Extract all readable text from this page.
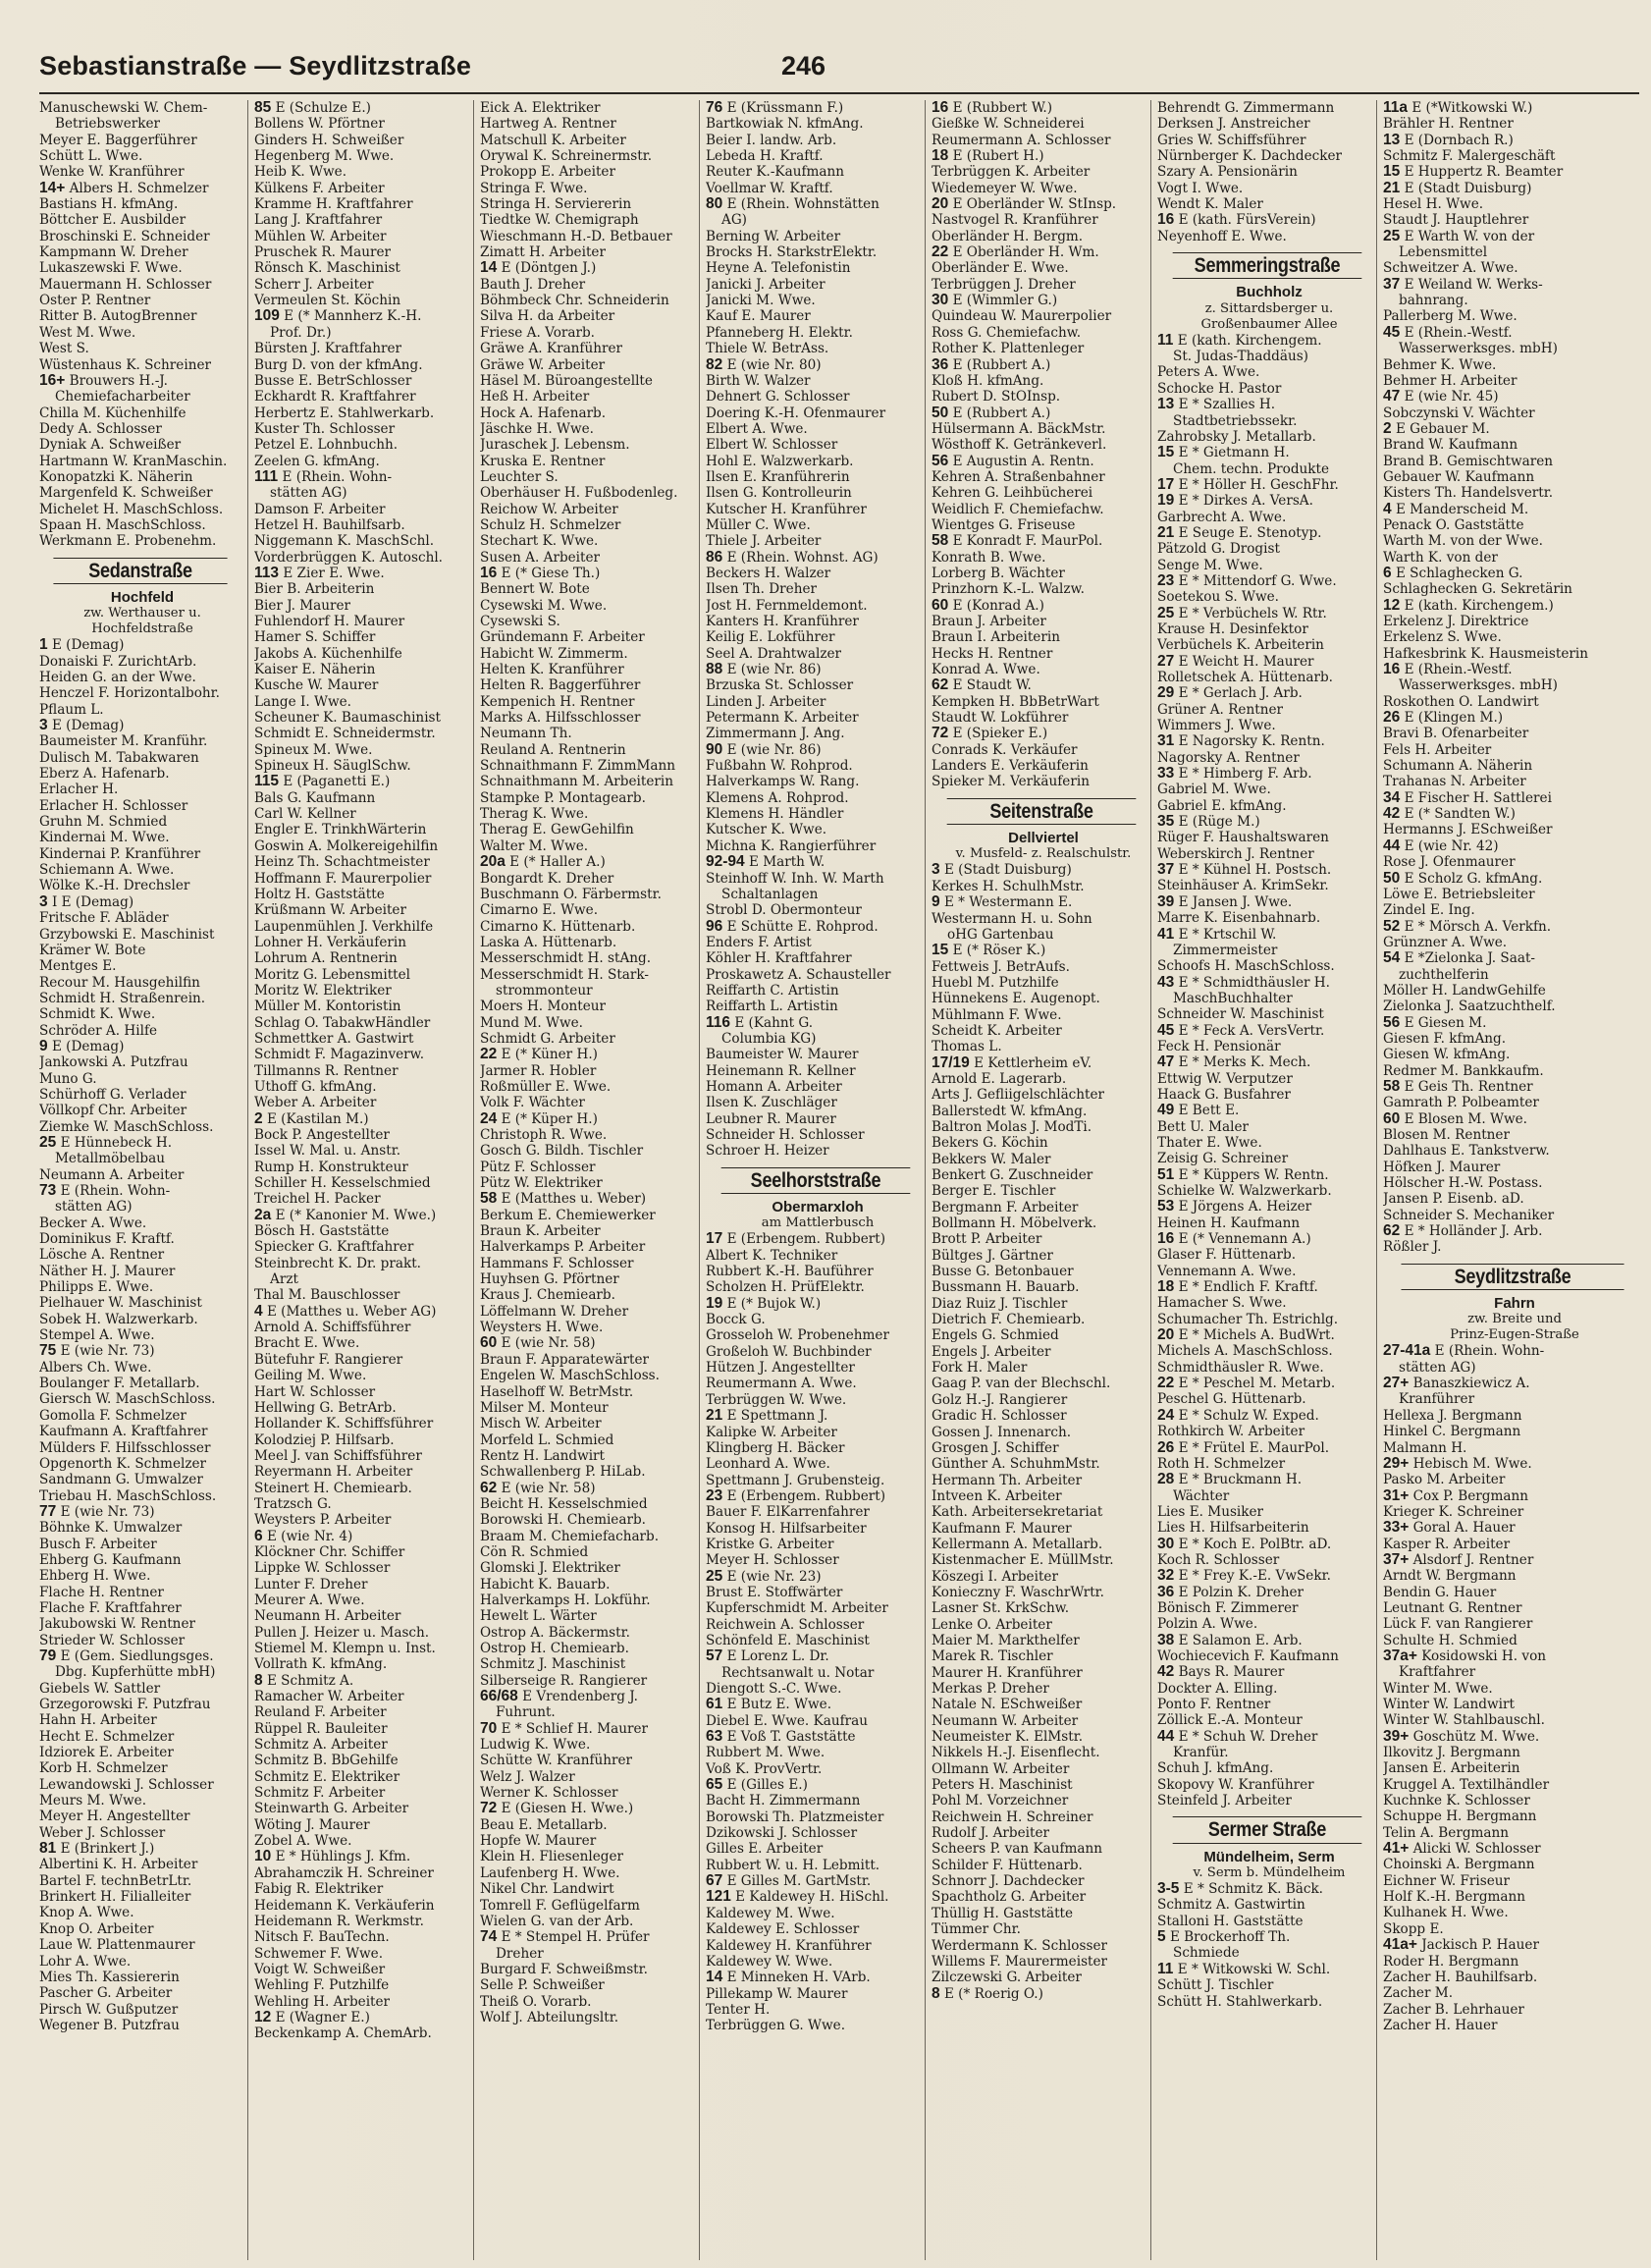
Sebastianstraße — Seydlitzstraße	246
Manuschewski W. Chem-
Betriebswerker
Meyer E. Baggerführer
Schütt L. Wwe.
Wenke W. Kranführer
14+ Albers H. Schmelzer
Bastians H. kfmAng.
Böttcher E. Ausbilder
Broschinski E. Schneider
Kampmann W. Dreher
Lukaszewski F. Wwe.
Mauermann H. Schlosser
Oster P. Rentner
Ritter B. AutogBrenner
West M. Wwe.
West S.
Wüstenhaus K. Schreiner
16+ Brouwers H.-J.
Chemiefacharbeiter
Chilla M. Küchenhilfe
Dedy A. Schlosser
Dyniak A. Schweißer
Hartmann W. KranMaschin.
Konopatzki K. Näherin
Margenfeld K. Schweißer
Michelet H. MaschSchloss.
Spaan H. MaschSchloss.
Werkmann E. Probenehm.
Sedanstraße
Hochfeld
zw. Werthauser u.
Hochfeldstraße
1 E (Demag)
Donaiski F. ZurichtArb.
Heiden G. an der Wwe.
Henczel F. Horizontalbohr.
Pflaum L.
3 E (Demag)
Baumeister M. Kranführ.
Dulisch M. Tabakwaren
Eberz A. Hafenarb.
Erlacher H.
Erlacher H. Schlosser
Gruhn M. Schmied
Kindernai M. Wwe.
Kindernai P. Kranführer
Schiemann A. Wwe.
Wölke K.-H. Drechsler
3 I E (Demag)
Fritsche F. Abläder
Grzybowski E. Maschinist
Krämer W. Bote
Mentges E.
Recour M. Hausgehilfin
Schmidt H. Straßenrein.
Schmidt K. Wwe.
Schröder A. Hilfe
9 E (Demag)
Jankowski A. Putzfrau
Muno G.
Schürhoff G. Verlader
Völlkopf Chr. Arbeiter
Ziemke W. MaschSchloss.
25 E Hünnebeck H.
Metallmöbelbau
Neumann A. Arbeiter
73 E (Rhein. Wohn-
stätten AG)
Becker A. Wwe.
Dominikus F. Kraftf.
Lösche A. Rentner
Näther H. J. Maurer
Philipps E. Wwe.
Pielhauer W. Maschinist
Sobek H. Walzwerkarb.
Stempel A. Wwe.
75 E (wie Nr. 73)
Albers Ch. Wwe.
Boulanger F. Metallarb.
Giersch W. MaschSchloss.
Gomolla F. Schmelzer
Kaufmann A. Kraftfahrer
Mülders F. Hilfsschlosser
Opgenorth K. Schmelzer
Sandmann G. Umwalzer
Triebau H. MaschSchloss.
77 E (wie Nr. 73)
Böhnke K. Umwalzer
Busch F. Arbeiter
Ehberg G. Kaufmann
Ehberg H. Wwe.
Flache H. Rentner
Flache F. Kraftfahrer
Jakubowski W. Rentner
Strieder W. Schlosser
79 E (Gem. Siedlungsges.
Dbg. Kupferhütte mbH)
Giebels W. Sattler
Grzegorowski F. Putzfrau
Hahn H. Arbeiter
Hecht E. Schmelzer
Idziorek E. Arbeiter
Korb H. Schmelzer
Lewandowski J. Schlosser
Meurs M. Wwe.
Meyer H. Angestellter
Weber J. Schlosser
81 E (Brinkert J.)
Albertini K. H. Arbeiter
Bartel F. technBetrLtr.
Brinkert H. Filialleiter
Knop A. Wwe.
Knop O. Arbeiter
Laue W. Plattenmaurer
Lohr A. Wwe.
Mies Th. Kassiererin
Pascher G. Arbeiter
Pirsch W. Gußputzer
Wegener B. Putzfrau
85 E (Schulze E.)
Bollens W. Pförtner
Ginders H. Schweißer
Hegenberg M. Wwe.
Heib K. Wwe.
Külkens F. Arbeiter
Kramme H. Kraftfahrer
Lang J. Kraftfahrer
Mühlen W. Arbeiter
Pruschek R. Maurer
Rönsch K. Maschinist
Scherr J. Arbeiter
Vermeulen St. Köchin
109 E (* Mannherz K.-H.
Prof. Dr.)
Bürsten J. Kraftfahrer
Burg D. von der kfmAng.
Busse E. BetrSchlosser
Eckhardt R. Kraftfahrer
Herbertz E. Stahlwerkarb.
Kuster Th. Schlosser
Petzel E. Lohnbuchh.
Zeelen G. kfmAng.
111 E (Rhein. Wohn-
stätten AG)
Damson F. Arbeiter
Hetzel H. Bauhilfsarb.
Niggemann K. MaschSchl.
Vorderbrüggen K. Autoschl.
113 E Zier E. Wwe.
Bier B. Arbeiterin
Bier J. Maurer
Fuhlendorf H. Maurer
Hamer S. Schiffer
Jakobs A. Küchenhilfe
Kaiser E. Näherin
Kusche W. Maurer
Lange I. Wwe.
Scheuner K. Baumaschinist
Schmidt E. Schneidermstr.
Spineux M. Wwe.
Spineux H. SäuglSchw.
115 E (Paganetti E.)
Bals G. Kaufmann
Carl W. Kellner
Engler E. TrinkhWärterin
Goswin A. Molkereigehilfin
Heinz Th. Schachtmeister
Hoffmann F. Maurerpolier
Holtz H. Gaststätte
Krüßmann W. Arbeiter
Laupenmühlen J. Verkhilfe
Lohner H. Verkäuferin
Lohrum A. Rentnerin
Moritz G. Lebensmittel
Moritz W. Elektriker
Müller M. Kontoristin
Schlag O. TabakwHändler
Schmettker A. Gastwirt
Schmidt F. Magazinverw.
Tillmanns R. Rentner
Uthoff G. kfmAng.
Weber A. Arbeiter
2 E (Kastilan M.)
Bock P. Angestellter
Issel W. Mal. u. Anstr.
Rump H. Konstrukteur
Schiller H. Kesselschmied
Treichel H. Packer
2a E (* Kanonier M. Wwe.)
Bösch H. Gaststätte
Spiecker G. Kraftfahrer
Steinbrecht K. Dr. prakt.
Arzt
Thal M. Bauschlosser
4 E (Matthes u. Weber AG)
Arnold A. Schiffsführer
Bracht E. Wwe.
Bütefuhr F. Rangierer
Geiling M. Wwe.
Hart W. Schlosser
Hellwing G. BetrArb.
Hollander K. Schiffsführer
Kolodziej P. Hilfsarb.
Meel J. van Schiffsführer
Reyermann H. Arbeiter
Steinert H. Chemiearb.
Tratzsch G.
Weysters P. Arbeiter
6 E (wie Nr. 4)
Klöckner Chr. Schiffer
Lippke W. Schlosser
Lunter F. Dreher
Meurer A. Wwe.
Neumann H. Arbeiter
Pullen J. Heizer u. Masch.
Stiemel M. Klempn u. Inst.
Vollrath K. kfmAng.
8 E Schmitz A.
Ramacher W. Arbeiter
Reuland F. Arbeiter
Rüppel R. Bauleiter
Schmitz A. Arbeiter
Schmitz B. BbGehilfe
Schmitz E. Elektriker
Schmitz F. Arbeiter
Steinwarth G. Arbeiter
Wöting J. Maurer
Zobel A. Wwe.
10 E * Hühlings J. Kfm.
Abrahamczik H. Schreiner
Fabig R. Elektriker
Heidemann K. Verkäuferin
Heidemann R. Werkmstr.
Nitsch F. BauTechn.
Schwemer F. Wwe.
Voigt W. Schweißer
Wehling F. Putzhilfe
Wehling H. Arbeiter
12 E (Wagner E.)
Beckenkamp A. ChemArb.
Eick A. Elektriker
Hartweg A. Rentner
Matschull K. Arbeiter
Orywal K. Schreinermstr.
Prokopp E. Arbeiter
Stringa F. Wwe.
Stringa H. Serviererin
Tiedtke W. Chemigraph
Wieschmann H.-D. Betbauer
Zimatt H. Arbeiter
14 E (Döntgen J.)
Bauth J. Dreher
Böhmbeck Chr. Schneiderin
Silva H. da Arbeiter
Friese A. Vorarb.
Gräwe A. Kranführer
Gräwe W. Arbeiter
Häsel M. Büroangestellte
Heß H. Arbeiter
Hock A. Hafenarb.
Jäschke H. Wwe.
Juraschek J. Lebensm.
Kruska E. Rentner
Leuchter S.
Oberhäuser H. Fußbodenleg.
Reichow W. Arbeiter
Schulz H. Schmelzer
Stechart K. Wwe.
Susen A. Arbeiter
16 E (* Giese Th.)
Bennert W. Bote
Cysewski M. Wwe.
Cysewski S.
Gründemann F. Arbeiter
Habicht W. Zimmerm.
Helten K. Kranführer
Helten R. Baggerführer
Kempenich H. Rentner
Marks A. Hilfsschlosser
Neumann Th.
Reuland A. Rentnerin
Schnaithmann F. ZimmMann
Schnaithmann M. Arbeiterin
Stampke P. Montagearb.
Therag K. Wwe.
Therag E. GewGehilfin
Walter M. Wwe.
20a E (* Haller A.)
Bongardt K. Dreher
Buschmann O. Färbermstr.
Cimarno E. Wwe.
Cimarno K. Hüttenarb.
Laska A. Hüttenarb.
Messerschmidt H. stAng.
Messerschmidt H. Stark-
strommonteur
Moers H. Monteur
Mund M. Wwe.
Schmidt G. Arbeiter
22 E (* Küner H.)
Jarmer R. Hobler
Roßmüller E. Wwe.
Volk F. Wächter
24 E (* Küper H.)
Christoph R. Wwe.
Gosch G. Bildh. Tischler
Pütz F. Schlosser
Pütz W. Elektriker
58 E (Matthes u. Weber)
Berkum E. Chemiewerker
Braun K. Arbeiter
Halverkamps P. Arbeiter
Hammans F. Schlosser
Huyhsen G. Pförtner
Kraus J. Chemiearb.
Löffelmann W. Dreher
Weysters H. Wwe.
60 E (wie Nr. 58)
Braun F. Apparatewärter
Engelen W. MaschSchloss.
Haselhoff W. BetrMstr.
Milser M. Monteur
Misch W. Arbeiter
Morfeld L. Schmied
Rentz H. Landwirt
Schwallenberg P. HiLab.
62 E (wie Nr. 58)
Beicht H. Kesselschmied
Borowski H. Chemiearb.
Braam M. Chemiefacharb.
Cön R. Schmied
Glomski J. Elektriker
Habicht K. Bauarb.
Halverkamps H. Lokführ.
Hewelt L. Wärter
Ostrop A. Bäckermstr.
Ostrop H. Chemiearb.
Schmitz J. Maschinist
Silberseige R. Rangierer
66/68 E Vrendenberg J.
Fuhrunt.
70 E * Schlief H. Maurer
Ludwig K. Wwe.
Schütte W. Kranführer
Welz J. Walzer
Werner K. Schlosser
72 E (Giesen H. Wwe.)
Beau E. Metallarb.
Hopfe W. Maurer
Klein H. Fliesenleger
Laufenberg H. Wwe.
Nikel Chr. Landwirt
Tomrell F. Geflügelfarm
Wielen G. van der Arb.
74 E * Stempel H. Prüfer
Dreher
Burgard F. Schweißmstr.
Selle P. Schweißer
Theiß O. Vorarb.
Wolf J. Abteilungsltr.
76 E (Krüssmann F.)
Bartkowiak N. kfmAng.
Beier I. landw. Arb.
Lebeda H. Kraftf.
Reuter K.-Kaufmann
Voellmar W. Kraftf.
80 E (Rhein. Wohnstätten
AG)
Berning W. Arbeiter
Brocks H. StarkstrElektr.
Heyne A. Telefonistin
Janicki J. Arbeiter
Janicki M. Wwe.
Kauf E. Maurer
Pfanneberg H. Elektr.
Thiele W. BetrAss.
82 E (wie Nr. 80)
Birth W. Walzer
Dehnert G. Schlosser
Doering K.-H. Ofenmaurer
Elbert A. Wwe.
Elbert W. Schlosser
Hohl E. Walzwerkarb.
Ilsen E. Kranführerin
Ilsen G. Kontrolleurin
Kutscher H. Kranführer
Müller C. Wwe.
Thiele J. Arbeiter
86 E (Rhein. Wohnst. AG)
Beckers H. Walzer
Ilsen Th. Dreher
Jost H. Fernmeldemont.
Kanters H. Kranführer
Keilig E. Lokführer
Seel A. Drahtwalzer
88 E (wie Nr. 86)
Brzuska St. Schlosser
Linden J. Arbeiter
Petermann K. Arbeiter
Zimmermann J. Ang.
90 E (wie Nr. 86)
Fußbahn W. Rohprod.
Halverkamps W. Rang.
Klemens A. Rohprod.
Klemens H. Händler
Kutscher K. Wwe.
Michna K. Rangierführer
92-94 E Marth W.
Steinhoff W. Inh. W. Marth
Schaltanlagen
Strobl D. Obermonteur
96 E Schütte E. Rohprod.
Enders F. Artist
Köhler H. Kraftfahrer
Proskawetz A. Schausteller
Reiffarth C. Artistin
Reiffarth L. Artistin
116 E (Kahnt G.
Columbia KG)
Baumeister W. Maurer
Heinemann R. Kellner
Homann A. Arbeiter
Ilsen K. Zuschläger
Leubner R. Maurer
Schneider H. Schlosser
Schroer H. Heizer
Seelhorststraße
Obermarxloh
am Mattlerbusch
17 E (Erbengem. Rubbert)
Albert K. Techniker
Rubbert K.-H. Bauführer
Scholzen H. PrüfElektr.
19 E (* Bujok W.)
Bocck G.
Grosseloh W. Probenehmer
Großeloh W. Buchbinder
Hützen J. Angestellter
Reumermann A. Wwe.
Terbrüggen W. Wwe.
21 E Spettmann J.
Kalipke W. Arbeiter
Klingberg H. Bäcker
Leonhard A. Wwe.
Spettmann J. Grubensteig.
23 E (Erbengem. Rubbert)
Bauer F. ElKarrenfahrer
Konsog H. Hilfsarbeiter
Kristke G. Arbeiter
Meyer H. Schlosser
25 E (wie Nr. 23)
Brust E. Stoffwärter
Kupferschmidt M. Arbeiter
Reichwein A. Schlosser
Schönfeld E. Maschinist
57 E Lorenz L. Dr.
Rechtsanwalt u. Notar
Diengott S.-C. Wwe.
61 E Butz E. Wwe.
Diebel E. Wwe. Kaufrau
63 E Voß T. Gaststätte
Rubbert M. Wwe.
Voß K. ProvVertr.
65 E (Gilles E.)
Bacht H. Zimmermann
Borowski Th. Platzmeister
Dzikowski J. Schlosser
Gilles E. Arbeiter
Rubbert W. u. H. Lebmitt.
67 E Gilles M. GartMstr.
121 E Kaldewey H. HiSchl.
Kaldewey M. Wwe.
Kaldewey E. Schlosser
Kaldewey H. Kranführer
Kaldewey W. Wwe.
14 E Minneken H. VArb.
Pillekamp W. Maurer
Tenter H.
Terbrüggen G. Wwe.
16 E (Rubbert W.)
Gießke W. Schneiderei
Reumermann A. Schlosser
18 E (Rubert H.)
Terbrüggen K. Arbeiter
Wiedemeyer W. Wwe.
20 E Oberländer W. StInsp.
Nastvogel R. Kranführer
Oberländer H. Bergm.
22 E Oberländer H. Wm.
Oberländer E. Wwe.
Terbrüggen J. Dreher
30 E (Wimmler G.)
Quindeau W. Maurerpolier
Ross G. Chemiefachw.
Rother K. Plattenleger
36 E (Rubbert A.)
Kloß H. kfmAng.
Rubert D. StOInsp.
50 E (Rubbert A.)
Hülsermann A. BäckMstr.
Wösthoff K. Getränkeverl.
56 E Augustin A. Rentn.
Kehren A. Straßenbahner
Kehren G. Leihbücherei
Weidlich F. Chemiefachw.
Wientges G. Friseuse
58 E Konradt F. MaurPol.
Konrath B. Wwe.
Lorberg B. Wächter
Prinzhorn K.-L. Walzw.
60 E (Konrad A.)
Braun J. Arbeiter
Braun I. Arbeiterin
Hecks H. Rentner
Konrad A. Wwe.
62 E Staudt W.
Kempken H. BbBetrWart
Staudt W. Lokführer
72 E (Spieker E.)
Conrads K. Verkäufer
Landers E. Verkäuferin
Spieker M. Verkäuferin
Seitenstraße
Dellviertel
v. Musfeld- z. Realschulstr.
3 E (Stadt Duisburg)
Kerkes H. SchulhMstr.
9 E * Westermann E.
Westermann H. u. Sohn
oHG Gartenbau
15 E (* Röser K.)
Fettweis J. BetrAufs.
Huebl M. Putzhilfe
Hünnekens E. Augenopt.
Mühlmann F. Wwe.
Scheidt K. Arbeiter
Thomas L.
17/19 E Kettlerheim eV.
Arnold E. Lagerarb.
Arts J. Gefliigelschlächter
Ballerstedt W. kfmAng.
Baltron Molas J. ModTi.
Bekers G. Köchin
Bekkers W. Maler
Benkert G. Zuschneider
Berger E. Tischler
Bergmann F. Arbeiter
Bollmann H. Möbelverk.
Brott P. Arbeiter
Bültges J. Gärtner
Busse G. Betonbauer
Bussmann H. Bauarb.
Diaz Ruiz J. Tischler
Dietrich F. Chemiearb.
Engels G. Schmied
Engels J. Arbeiter
Fork H. Maler
Gaag P. van der Blechschl.
Golz H.-J. Rangierer
Gradic H. Schlosser
Gossen J. Innenarch.
Grosgen J. Schiffer
Günther A. SchuhmMstr.
Hermann Th. Arbeiter
Intveen K. Arbeiter
Kath. Arbeitersekretariat
Kaufmann F. Maurer
Kellermann A. Metallarb.
Kistenmacher E. MüllMstr.
Köszegi I. Arbeiter
Konieczny F. WaschrWrtr.
Lasner St. KrkSchw.
Lenke O. Arbeiter
Maier M. Markthelfer
Marek R. Tischler
Maurer H. Kranführer
Merkas P. Dreher
Natale N. ESchweißer
Neumann W. Arbeiter
Neumeister K. ElMstr.
Nikkels H.-J. Eisenflecht.
Ollmann W. Arbeiter
Peters H. Maschinist
Pohl M. Vorzeichner
Reichwein H. Schreiner
Rudolf J. Arbeiter
Scheers P. van Kaufmann
Schilder F. Hüttenarb.
Schnorr J. Dachdecker
Spachtholz G. Arbeiter
Thüllig H. Gaststätte
Tümmer Chr.
Werdermann K. Schlosser
Willems F. Maurermeister
Zilczewski G. Arbeiter
8 E (* Roerig O.)
Behrendt G. Zimmermann
Derksen J. Anstreicher
Gries W. Schiffsführer
Nürnberger K. Dachdecker
Szary A. Pensionärin
Vogt I. Wwe.
Wendt K. Maler
16 E (kath. FürsVerein)
Neyenhoff E. Wwe.
Semmeringstraße
Buchholz
z. Sittardsberger u.
Großenbaumer Allee
11 E (kath. Kirchengem.
St. Judas-Thaddäus)
Peters A. Wwe.
Schocke H. Pastor
13 E * Szallies H.
Stadtbetriebssekr.
Zahrobsky J. Metallarb.
15 E * Gietmann H.
Chem. techn. Produkte
17 E * Höller H. GeschFhr.
19 E * Dirkes A. VersA.
Garbrecht A. Wwe.
21 E Seuge E. Stenotyp.
Pätzold G. Drogist
Senge M. Wwe.
23 E * Mittendorf G. Wwe.
Soetekou S. Wwe.
25 E * Verbüchels W. Rtr.
Krause H. Desinfektor
Verbüchels K. Arbeiterin
27 E Weicht H. Maurer
Rolletschek A. Hüttenarb.
29 E * Gerlach J. Arb.
Grüner A. Rentner
Wimmers J. Wwe.
31 E Nagorsky K. Rentn.
Nagorsky A. Rentner
33 E * Himberg F. Arb.
Gabriel M. Wwe.
Gabriel E. kfmAng.
35 E (Rüge M.)
Rüger F. Haushaltswaren
Weberskirch J. Rentner
37 E * Kühnel H. Postsch.
Steinhäuser A. KrimSekr.
39 E Jansen J. Wwe.
Marre K. Eisenbahnarb.
41 E * Krtschil W.
Zimmermeister
Schoofs H. MaschSchloss.
43 E * Schmidthäusler H.
MaschBuchhalter
Schneider W. Maschinist
45 E * Feck A. VersVertr.
Feck H. Pensionär
47 E * Merks K. Mech.
Ettwig W. Verputzer
Haack G. Busfahrer
49 E Bett E.
Bett U. Maler
Thater E. Wwe.
Zeisig G. Schreiner
51 E * Küppers W. Rentn.
Schielke W. Walzwerkarb.
53 E Jörgens A. Heizer
Heinen H. Kaufmann
16 E (* Vennemann A.)
Glaser F. Hüttenarb.
Vennemann A. Wwe.
18 E * Endlich F. Kraftf.
Hamacher S. Wwe.
Schumacher Th. Estrichlg.
20 E * Michels A. BudWrt.
Michels A. MaschSchloss.
Schmidthäusler R. Wwe.
22 E * Peschel M. Metarb.
Peschel G. Hüttenarb.
24 E * Schulz W. Exped.
Rothkirch W. Arbeiter
26 E * Frütel E. MaurPol.
Roth H. Schmelzer
28 E * Bruckmann H.
Wächter
Lies E. Musiker
Lies H. Hilfsarbeiterin
30 E * Koch E. PolBtr. aD.
Koch R. Schlosser
32 E * Frey K.-E. VwSekr.
36 E Polzin K. Dreher
Bönisch F. Zimmerer
Polzin A. Wwe.
38 E Salamon E. Arb.
Wochiecevich F. Kaufmann
42 Bays R. Maurer
Dockter A. Elling.
Ponto F. Rentner
Zöllick E.-A. Monteur
44 E * Schuh W. Dreher
Kranfür.
Schuh J. kfmAng.
Skopovy W. Kranführer
Steinfeld J. Arbeiter
Sermer Straße
Mündelheim, Serm
v. Serm b. Mündelheim
3-5 E * Schmitz K. Bäck.
Schmitz A. Gastwirtin
Stalloni H. Gaststätte
5 E Brockerhoff Th.
Schmiede
11 E * Witkowski W. Schl.
Schütt J. Tischler
Schütt H. Stahlwerkarb.
11a E (*Witkowski W.)
Brähler H. Rentner
13 E (Dornbach R.)
Schmitz F. Malergeschäft
15 E Huppertz R. Beamter
21 E (Stadt Duisburg)
Hesel H. Wwe.
Staudt J. Hauptlehrer
25 E Warth W. von der
Lebensmittel
Schweitzer A. Wwe.
37 E Weiland W. Werks-
bahnrang.
Pallerberg M. Wwe.
45 E (Rhein.-Westf.
Wasserwerksges. mbH)
Behmer K. Wwe.
Behmer H. Arbeiter
47 E (wie Nr. 45)
Sobczynski V. Wächter
2 E Gebauer M.
Brand W. Kaufmann
Brand B. Gemischtwaren
Gebauer W. Kaufmann
Kisters Th. Handelsvertr.
4 E Manderscheid M.
Penack O. Gaststätte
Warth M. von der Wwe.
Warth K. von der
6 E Schlaghecken G.
Schlaghecken G. Sekretärin
12 E (kath. Kirchengem.)
Erkelenz J. Direktrice
Erkelenz S. Wwe.
Hafkesbrink K. Hausmeisterin
16 E (Rhein.-Westf.
Wasserwerksges. mbH)
Roskothen O. Landwirt
26 E (Klingen M.)
Bravi B. Ofenarbeiter
Fels H. Arbeiter
Schumann A. Näherin
Trahanas N. Arbeiter
34 E Fischer H. Sattlerei
42 E (* Sandten W.)
Hermanns J. ESchweißer
44 E (wie Nr. 42)
Rose J. Ofenmaurer
50 E Scholz G. kfmAng.
Löwe E. Betriebsleiter
Zindel E. Ing.
52 E * Mörsch A. Verkfn.
Grünzner A. Wwe.
54 E *Zielonka J. Saat-
zuchthelferin
Möller H. LandwGehilfe
Zielonka J. Saatzuchthelf.
56 E Giesen M.
Giesen F. kfmAng.
Giesen W. kfmAng.
Redmer M. Bankkaufm.
58 E Geis Th. Rentner
Gamrath P. Polbeamter
60 E Blosen M. Wwe.
Blosen M. Rentner
Dahlhaus E. Tankstverw.
Höfken J. Maurer
Hölscher H.-W. Postass.
Jansen P. Eisenb. aD.
Schneider S. Mechaniker
62 E * Holländer J. Arb.
Rößler J.
Seydlitzstraße
Fahrn
zw. Breite und
Prinz-Eugen-Straße
27-41a E (Rhein. Wohn-
stätten AG)
27+ Banaszkiewicz A.
Kranführer
Hellexa J. Bergmann
Hinkel C. Bergmann
Malmann H.
29+ Hebisch M. Wwe.
Pasko M. Arbeiter
31+ Cox P. Bergmann
Krieger K. Schreiner
33+ Goral A. Hauer
Kasper R. Arbeiter
37+ Alsdorf J. Rentner
Arndt W. Bergmann
Bendin G. Hauer
Leutnant G. Rentner
Lück F. van Rangierer
Schulte H. Schmied
37a+ Kosidowski H. von
Kraftfahrer
Winter M. Wwe.
Winter W. Landwirt
Winter W. Stahlbauschl.
39+ Goschütz M. Wwe.
Ilkovitz J. Bergmann
Jansen E. Arbeiterin
Kruggel A. Textilhändler
Kuchnke K. Schlosser
Schuppe H. Bergmann
Telin A. Bergmann
41+ Alicki W. Schlosser
Choinski A. Bergmann
Eichner W. Friseur
Holf K.-H. Bergmann
Kulhanek H. Wwe.
Skopp E.
41a+ Jackisch P. Hauer
Roder H. Bergmann
Zacher H. Bauhilfsarb.
Zacher M.
Zacher B. Lehrhauer
Zacher H. Hauer
